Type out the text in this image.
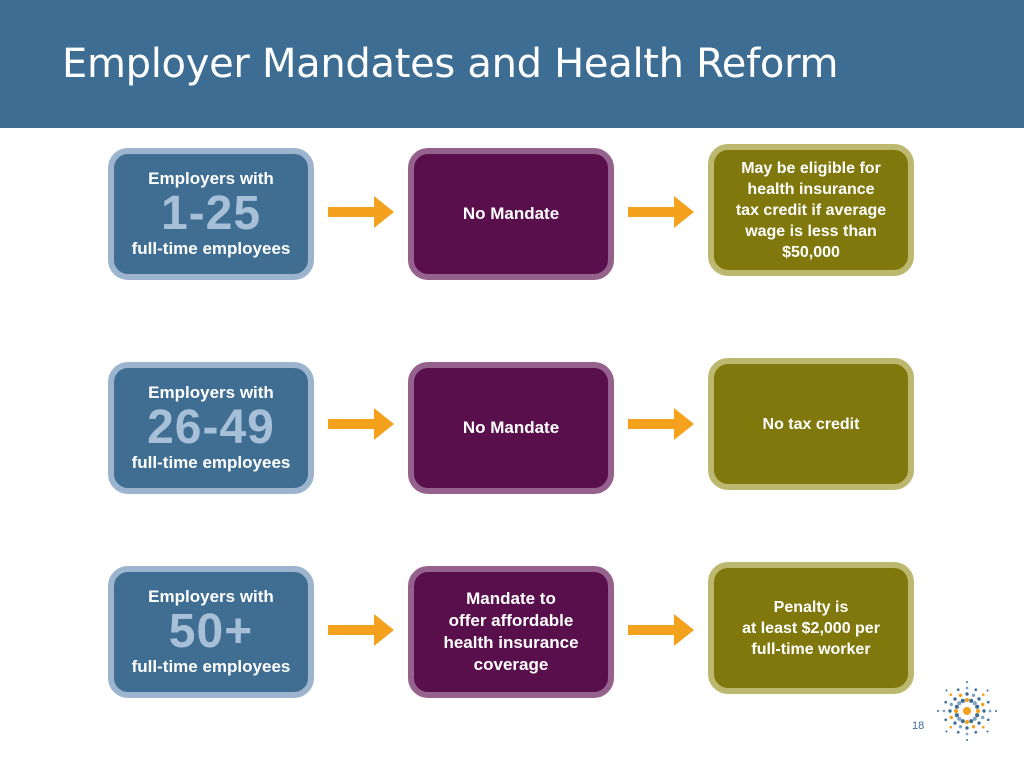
Employer Mandates and Health Reform
Employers with
1-25
full-time employees
No Mandate
May be eligible for
health insurance
tax credit if average
wage is less than
$50,000
Employers with
26-49
full-time employees
No Mandate	No tax credit
Employers with
50+
full-time employees
Mandate to
offer affordable
health insurance
coverage
Penalty is
at least $2,000 per
full-time worker
18
